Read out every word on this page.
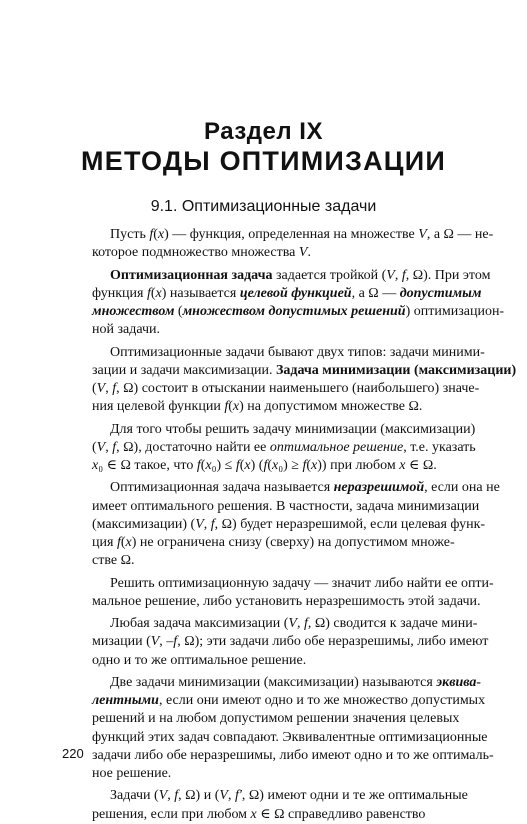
Раздел IX
МЕТОДЫ ОПТИМИЗАЦИИ
9.1. Оптимизационные задачи
Пусть f(x) — функция, определенная на множестве V, а Ω — не-
которое подмножество множества V.
Оптимизационная задача задается тройкой (V, f, Ω). При этом
функция f(x) называется целевой функцией, а Ω — допустимым
множеством (множеством допустимых решений) оптимизацион-
ной задачи.
Оптимизационные задачи бывают двух типов: задачи миними-
зации и задачи максимизации. Задача минимизации (максимизации)
(V, f, Ω) состоит в отыскании наименьшего (наибольшего) значе-
ния целевой функции f(x) на допустимом множестве Ω.
Для того чтобы решить задачу минимизации (максимизации)
(V, f, Ω), достаточно найти ее оптимальное решение, т.е. указать
x₀ ∈ Ω такое, что f(x₀) ≤ f(x) (f(x₀) ≥ f(x)) при любом x ∈ Ω.
Оптимизационная задача называется неразрешимой, если она не
имеет оптимального решения. В частности, задача минимизации
(максимизации) (V, f, Ω) будет неразрешимой, если целевая функ-
ция f(x) не ограничена снизу (сверху) на допустимом множе-
стве Ω.
Решить оптимизационную задачу — значит либо найти ее опти-
мальное решение, либо установить неразрешимость этой задачи.
Любая задача максимизации (V, f, Ω) сводится к задаче мини-
мизации (V, –f, Ω); эти задачи либо обе неразрешимы, либо имеют
одно и то же оптимальное решение.
Две задачи минимизации (максимизации) называются эквива-
лентными, если они имеют одно и то же множество допустимых
решений и на любом допустимом решении значения целевых
функций этих задач совпадают. Эквивалентные оптимизационные
задачи либо обе неразрешимы, либо имеют одно и то же оптималь-
ное решение.
Задачи (V, f, Ω) и (V, f′, Ω) имеют одни и те же оптимальные
решения, если при любом x ∈ Ω справедливо равенство
220
